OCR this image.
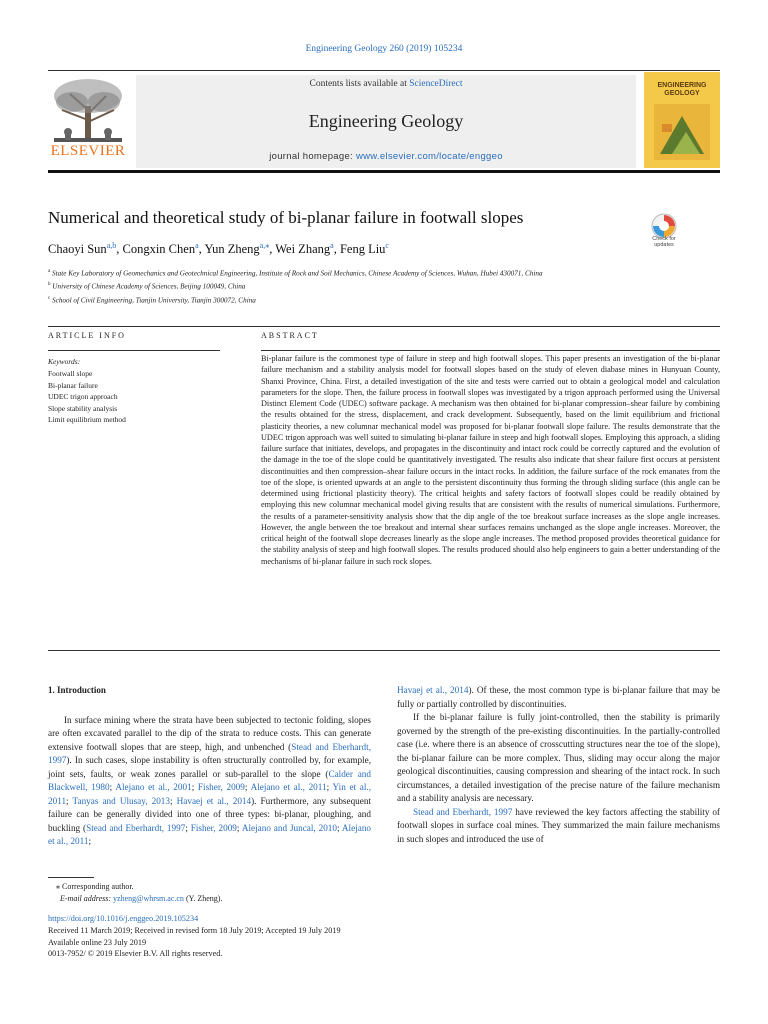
Engineering Geology 260 (2019) 105234
ELSEVIER
Contents lists available at ScienceDirect
Engineering Geology
journal homepage: www.elsevier.com/locate/enggeo
ENGINEERING
GEOLOGY
Numerical and theoretical study of bi-planar failure in footwall slopes
Chaoyi Sun$^{a,b}$, Congxin Chen$^a$, Yun Zheng$^{a,⁎}$, Wei Zhang$^a$, Feng Liu$^c$
Check for
updates
$^a$ State Key Laboratory of Geomechanics and Geotechnical Engineering, Institute of Rock and Soil Mechanics, Chinese Academy of Sciences, Wuhan, Hubei 430071, China
$^b$ University of Chinese Academy of Sciences, Beijing 100049, China
$^c$ School of Civil Engineering, Tianjin University, Tianjin 300072, China
ARTICLE INFO	ABSTRACT
Keywords:
Footwall slope
Bi-planar failure
UDEC trigon approach
Slope stability analysis
Limit equilibrium method
Bi-planar failure is the commonest type of failure in steep and high footwall slopes. This paper presents an investigation of the bi-planar failure mechanism and a stability analysis model for footwall slopes based on the study of eleven diabase mines in Hunyuan County, Shanxi Province, China. First, a detailed investigation of the site and tests were carried out to obtain a geological model and calculation parameters for the slope. Then, the failure process in footwall slopes was investigated by a trigon approach performed using the Universal Distinct Element Code (UDEC) software package. A mechanism was then obtained for bi-planar compression–shear failure by combining the results obtained for the stress, displacement, and crack development. Subsequently, based on the limit equilibrium and frictional plasticity theories, a new columnar mechanical model was proposed for bi-planar footwall slope failure. The results demonstrate that the UDEC trigon approach was well suited to simulating bi-planar failure in steep and high footwall slopes. Employing this approach, a sliding failure surface that initiates, develops, and propagates in the discontinuity and intact rock could be correctly captured and the evolution of the damage in the toe of the slope could be quantitatively investigated. The results also indicate that shear failure first occurs at persistent discontinuities and then compression–shear failure occurs in the intact rocks. In addition, the failure surface of the rock emanates from the toe of the slope, is oriented upwards at an angle to the persistent discontinuity thus forming the through sliding surface (this angle can be determined using frictional plasticity theory). The critical heights and safety factors of footwall slopes could be readily obtained by employing this new columnar mechanical model giving results that are consistent with the results of numerical simulations. Furthermore, the results of a parameter-sensitivity analysis show that the dip angle of the toe breakout surface increases as the slope angle increases. However, the angle between the toe breakout and internal shear surfaces remains unchanged as the slope angle increases. Moreover, the critical height of the footwall slope decreases linearly as the slope angle increases. The method proposed provides theoretical guidance for the stability analysis of steep and high footwall slopes. The results produced should also help engineers to gain a better understanding of the mechanisms of bi-planar failure in such rock slopes.
1. Introduction

In surface mining where the strata have been subjected to tectonic folding, slopes are often excavated parallel to the dip of the strata to reduce costs. This can generate extensive footwall slopes that are steep, high, and unbenched (Stead and Eberhardt, 1997). In such cases, slope instability is often structurally controlled by, for example, joint sets, faults, or weak zones parallel or sub-parallel to the slope (Calder and Blackwell, 1980; Alejano et al., 2001; Fisher, 2009; Alejano et al., 2011; Yin et al., 2011; Tanyas and Ulusay, 2013; Havaej et al., 2014). Furthermore, any subsequent failure can be generally divided into one of three types: bi-planar, ploughing, and buckling (Stead and Eberhardt, 1997; Fisher, 2009; Alejano and Juncal, 2010; Alejano et al., 2011;

Havaej et al., 2014). Of these, the most common type is bi-planar failure that may be fully or partially controlled by discontinuities.

If the bi-planar failure is fully joint-controlled, then the stability is primarily governed by the strength of the pre-existing discontinuities. In the partially-controlled case (i.e. where there is an absence of crosscutting structures near the toe of the slope), the bi-planar failure can be more complex. Thus, sliding may occur along the major geological discontinuities, causing compression and shearing of the intact rock. In such circumstances, a detailed investigation of the precise nature of the failure mechanism and a stability analysis are necessary.

Stead and Eberhardt, 1997 have reviewed the key factors affecting the stability of footwall slopes in surface coal mines. They summarized the main failure mechanisms in such slopes and introduced the use of

⁎ Corresponding author.
E-mail address: yzheng@whrsm.ac.cn (Y. Zheng).
https://doi.org/10.1016/j.enggeo.2019.105234
Received 11 March 2019; Received in revised form 18 July 2019; Accepted 19 July 2019
Available online 23 July 2019
0013-7952/ © 2019 Elsevier B.V. All rights reserved.
